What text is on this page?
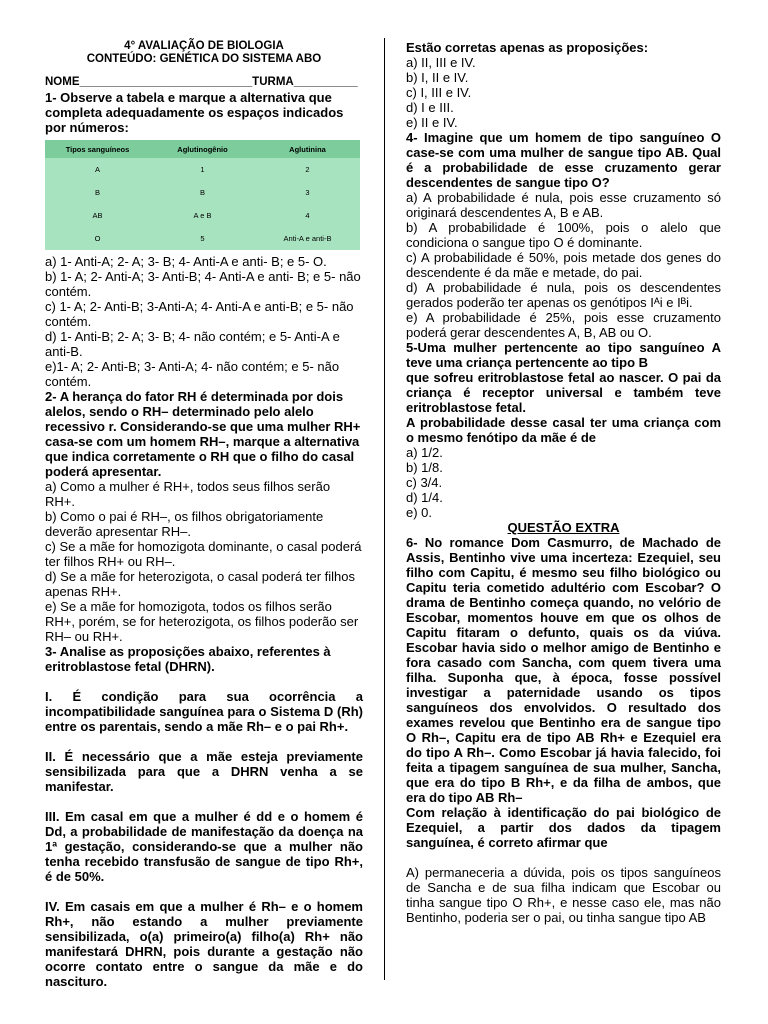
4° AVALIAÇÃO DE BIOLOGIA
CONTEÚDO: GENÉTICA DO SISTEMA ABO
NOME___________________________TURMA__________
1- Observe a tabela e marque a alternativa que completa adequadamente os espaços indicados por números:
Tipos sanguíneos	Aglutinogênio	Aglutinina
A	1	2
B	B	3
AB	A e B	4
O	5	Anti-A e anti-B
a) 1- Anti-A; 2- A; 3- B; 4- Anti-A e anti- B; e 5- O.
b) 1- A; 2- Anti-A; 3- Anti-B; 4- Anti-A e anti- B; e 5- não contém.
c) 1- A; 2- Anti-B; 3-Anti-A; 4- Anti-A e anti-B; e 5- não contém.
d) 1- Anti-B; 2- A; 3- B; 4- não contém; e 5- Anti-A e anti-B.
e)1- A; 2- Anti-B; 3- Anti-A; 4- não contém; e 5- não contém.
2- A herança do fator RH é determinada por dois alelos, sendo o RH– determinado pelo alelo recessivo r. Considerando-se que uma mulher RH+ casa-se com um homem RH–, marque a alternativa que indica corretamente o RH que o filho do casal poderá apresentar.
a) Como a mulher é RH+, todos seus filhos serão RH+.
b) Como o pai é RH–, os filhos obrigatoriamente deverão apresentar RH–.
c) Se a mãe for homozigota dominante, o casal poderá ter filhos RH+ ou RH–.
d) Se a mãe for heterozigota, o casal poderá ter filhos apenas RH+.
e) Se a mãe for homozigota, todos os filhos serão RH+, porém, se for heterozigota, os filhos poderão ser RH– ou RH+.
3- Analise as proposições abaixo, referentes à eritroblastose fetal (DHRN).
I. É condição para sua ocorrência a incompatibilidade sanguínea para o Sistema D (Rh) entre os parentais, sendo a mãe Rh– e o pai Rh+.
II. É necessário que a mãe esteja previamente sensibilizada para que a DHRN venha a se manifestar.
III. Em casal em que a mulher é dd e o homem é Dd, a probabilidade de manifestação da doença na 1ª gestação, considerando-se que a mulher não tenha recebido transfusão de sangue de tipo Rh+, é de 50%.
IV. Em casais em que a mulher é Rh– e o homem Rh+, não estando a mulher previamente sensibilizada, o(a) primeiro(a) filho(a) Rh+ não manifestará DHRN, pois durante a gestação não ocorre contato entre o sangue da mãe e do nascituro.
Estão corretas apenas as proposições:
a) II, III e IV.
b) I, II e IV.
c) I, III e IV.
d) I e III.
e) II e IV.
4- Imagine que um homem de tipo sanguíneo O case-se com uma mulher de sangue tipo AB. Qual é a probabilidade de esse cruzamento gerar descendentes de sangue tipo O?
a) A probabilidade é nula, pois esse cruzamento só originará descendentes A, B e AB.
b) A probabilidade é 100%, pois o alelo que condiciona o sangue tipo O é dominante.
c) A probabilidade é 50%, pois metade dos genes do descendente é da mãe e metade, do pai.
d) A probabilidade é nula, pois os descendentes gerados poderão ter apenas os genótipos Iᴬi e Iᴮi.
e) A probabilidade é 25%, pois esse cruzamento poderá gerar descendentes A, B, AB ou O.
5-Uma mulher pertencente ao tipo sanguíneo A teve uma criança pertencente ao tipo B
que sofreu eritroblastose fetal ao nascer. O pai da criança é receptor universal e também teve eritroblastose fetal.
A probabilidade desse casal ter uma criança com o mesmo fenótipo da mãe é de
a) 1/2.
b) 1/8.
c) 3/4.
d) 1/4.
e) 0.
QUESTÃO EXTRA
6- No romance Dom Casmurro, de Machado de Assis, Bentinho vive uma incerteza: Ezequiel, seu filho com Capitu, é mesmo seu filho biológico ou Capitu teria cometido adultério com Escobar? O drama de Bentinho começa quando, no velório de Escobar, momentos houve em que os olhos de Capitu fitaram o defunto, quais os da viúva. Escobar havia sido o melhor amigo de Bentinho e fora casado com Sancha, com quem tivera uma filha. Suponha que, à época, fosse possível investigar a paternidade usando os tipos sanguíneos dos envolvidos. O resultado dos exames revelou que Bentinho era de sangue tipo O Rh–, Capitu era de tipo AB Rh+ e Ezequiel era do tipo A Rh–. Como Escobar já havia falecido, foi feita a tipagem sanguínea de sua mulher, Sancha, que era do tipo B Rh+, e da filha de ambos, que era do tipo AB Rh–
Com relação à identificação do pai biológico de Ezequiel, a partir dos dados da tipagem sanguínea, é correto afirmar que
A) permaneceria a dúvida, pois os tipos sanguíneos de Sancha e de sua filha indicam que Escobar ou tinha sangue tipo O Rh+, e nesse caso ele, mas não Bentinho, poderia ser o pai, ou tinha sangue tipo AB
